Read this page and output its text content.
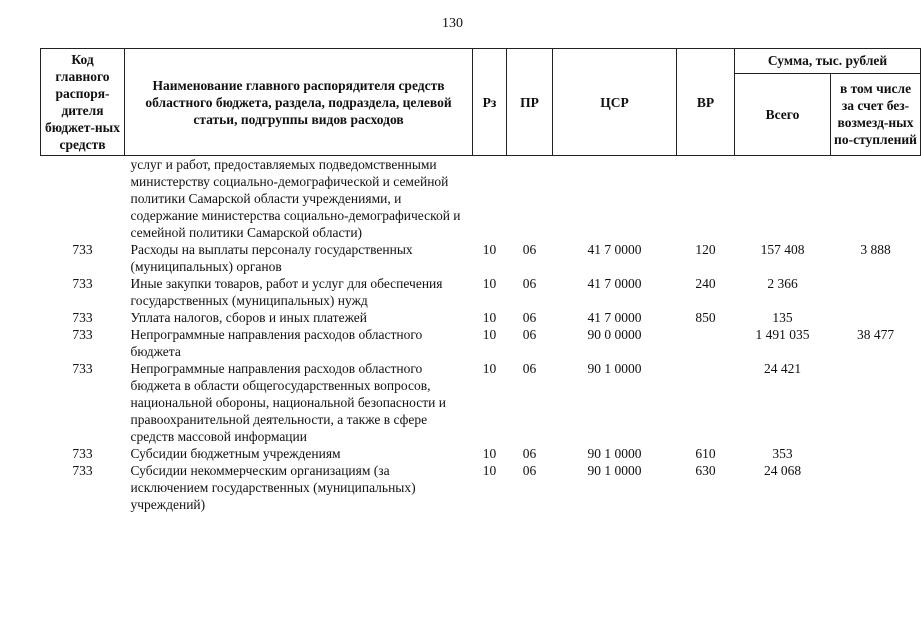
130
Код главного распоря-дителя бюджет-ных средств	Наименование главного распорядителя средств областного бюджета, раздела, подраздела, целевой статьи, подгруппы видов расходов	Рз	ПР	ЦСР	ВР	Сумма, тыс. рублей	
						Всего	в том числе за счет без-возмезд-ных по-ступлений
	услуг и работ, предоставляемых подведомственными министерству социально-демографической и семейной политики Самарской области учреждениями, и содержание министерства социально-демографической и семейной политики Самарской области)						
733	Расходы на выплаты персоналу государственных (муниципальных) органов	10	06	41 7 0000	120	157 408	3 888
733	Иные закупки товаров, работ и услуг для обеспечения государственных (муниципальных) нужд	10	06	41 7 0000	240	2 366	
733	Уплата налогов, сборов и иных платежей	10	06	41 7 0000	850	135	
733	Непрограммные направления расходов областного бюджета	10	06	90 0 0000		1 491 035	38 477
733	Непрограммные направления расходов областного бюджета в области общегосударственных вопросов, национальной обороны, национальной безопасности и правоохранительной деятельности, а также в сфере средств массовой информации	10	06	90 1 0000		24 421	
733	Субсидии бюджетным учреждениям	10	06	90 1 0000	610	353	
733	Субсидии некоммерческим организациям (за исключением государственных (муниципальных) учреждений)	10	06	90 1 0000	630	24 068	
